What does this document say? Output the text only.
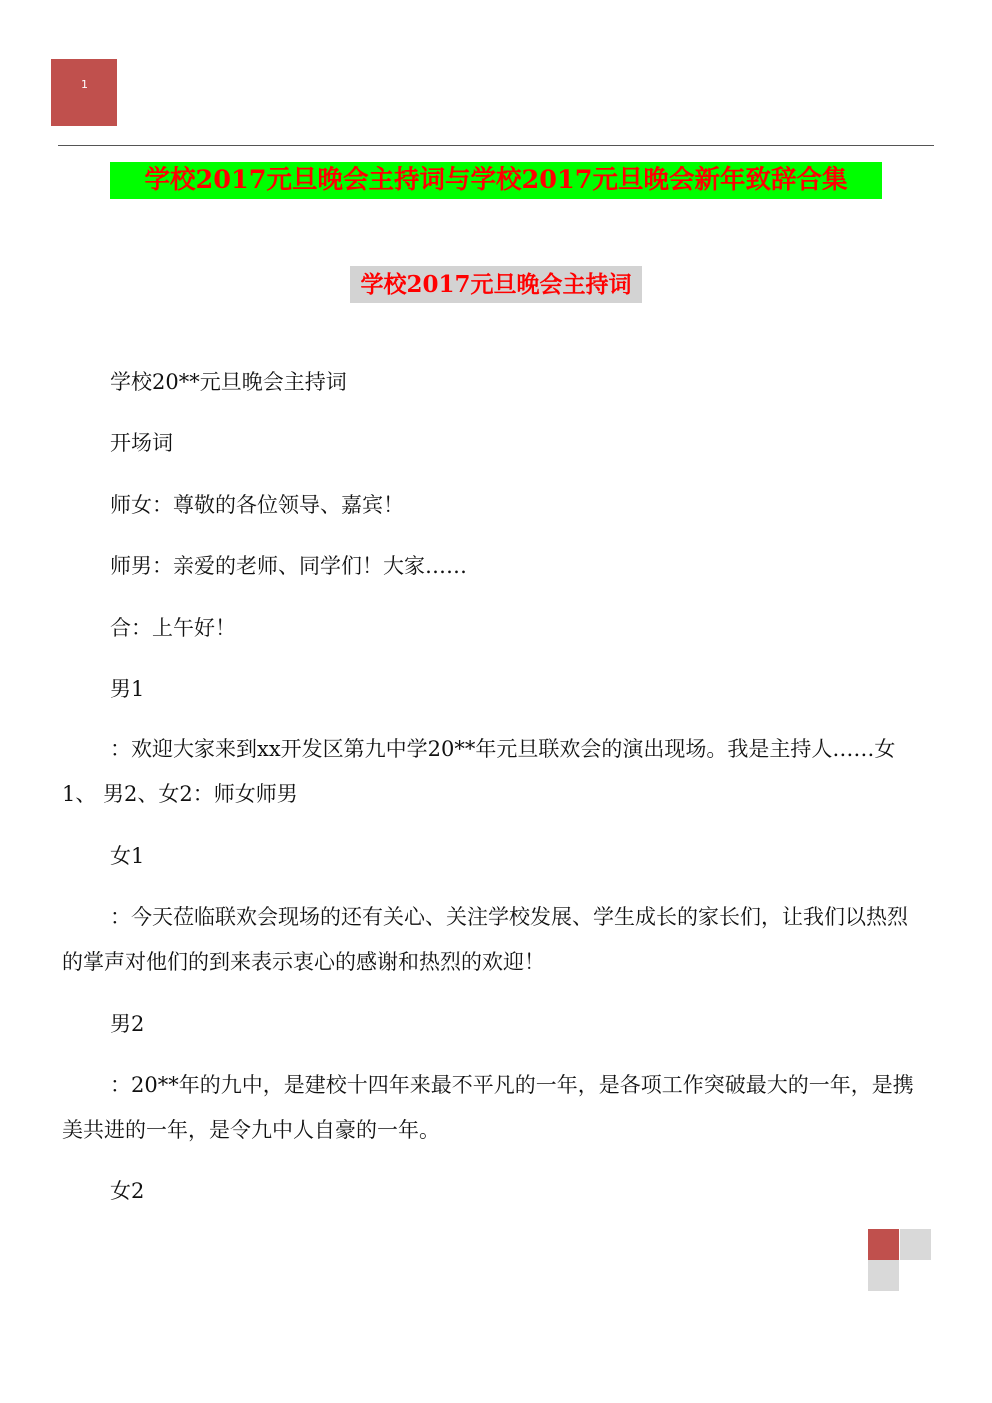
1
学校2017元旦晚会主持词与学校2017元旦晚会新年致辞合集
学校2017元旦晚会主持词
学校20**元旦晚会主持词
开场词
师女：尊敬的各位领导、嘉宾！
师男：亲爱的老师、同学们！大家……
合：上午好！
男1
：欢迎大家来到xx开发区第九中学20**年元旦联欢会的演出现场。我是主持人……女1、 男2、女2：师女师男
女1
：今天莅临联欢会现场的还有关心、关注学校发展、学生成长的家长们，让我们以热烈的掌声对他们的到来表示衷心的感谢和热烈的欢迎！
男2
：20**年的九中，是建校十四年来最不平凡的一年，是各项工作突破最大的一年，是携美共进的一年，是令九中人自豪的一年。
女2
